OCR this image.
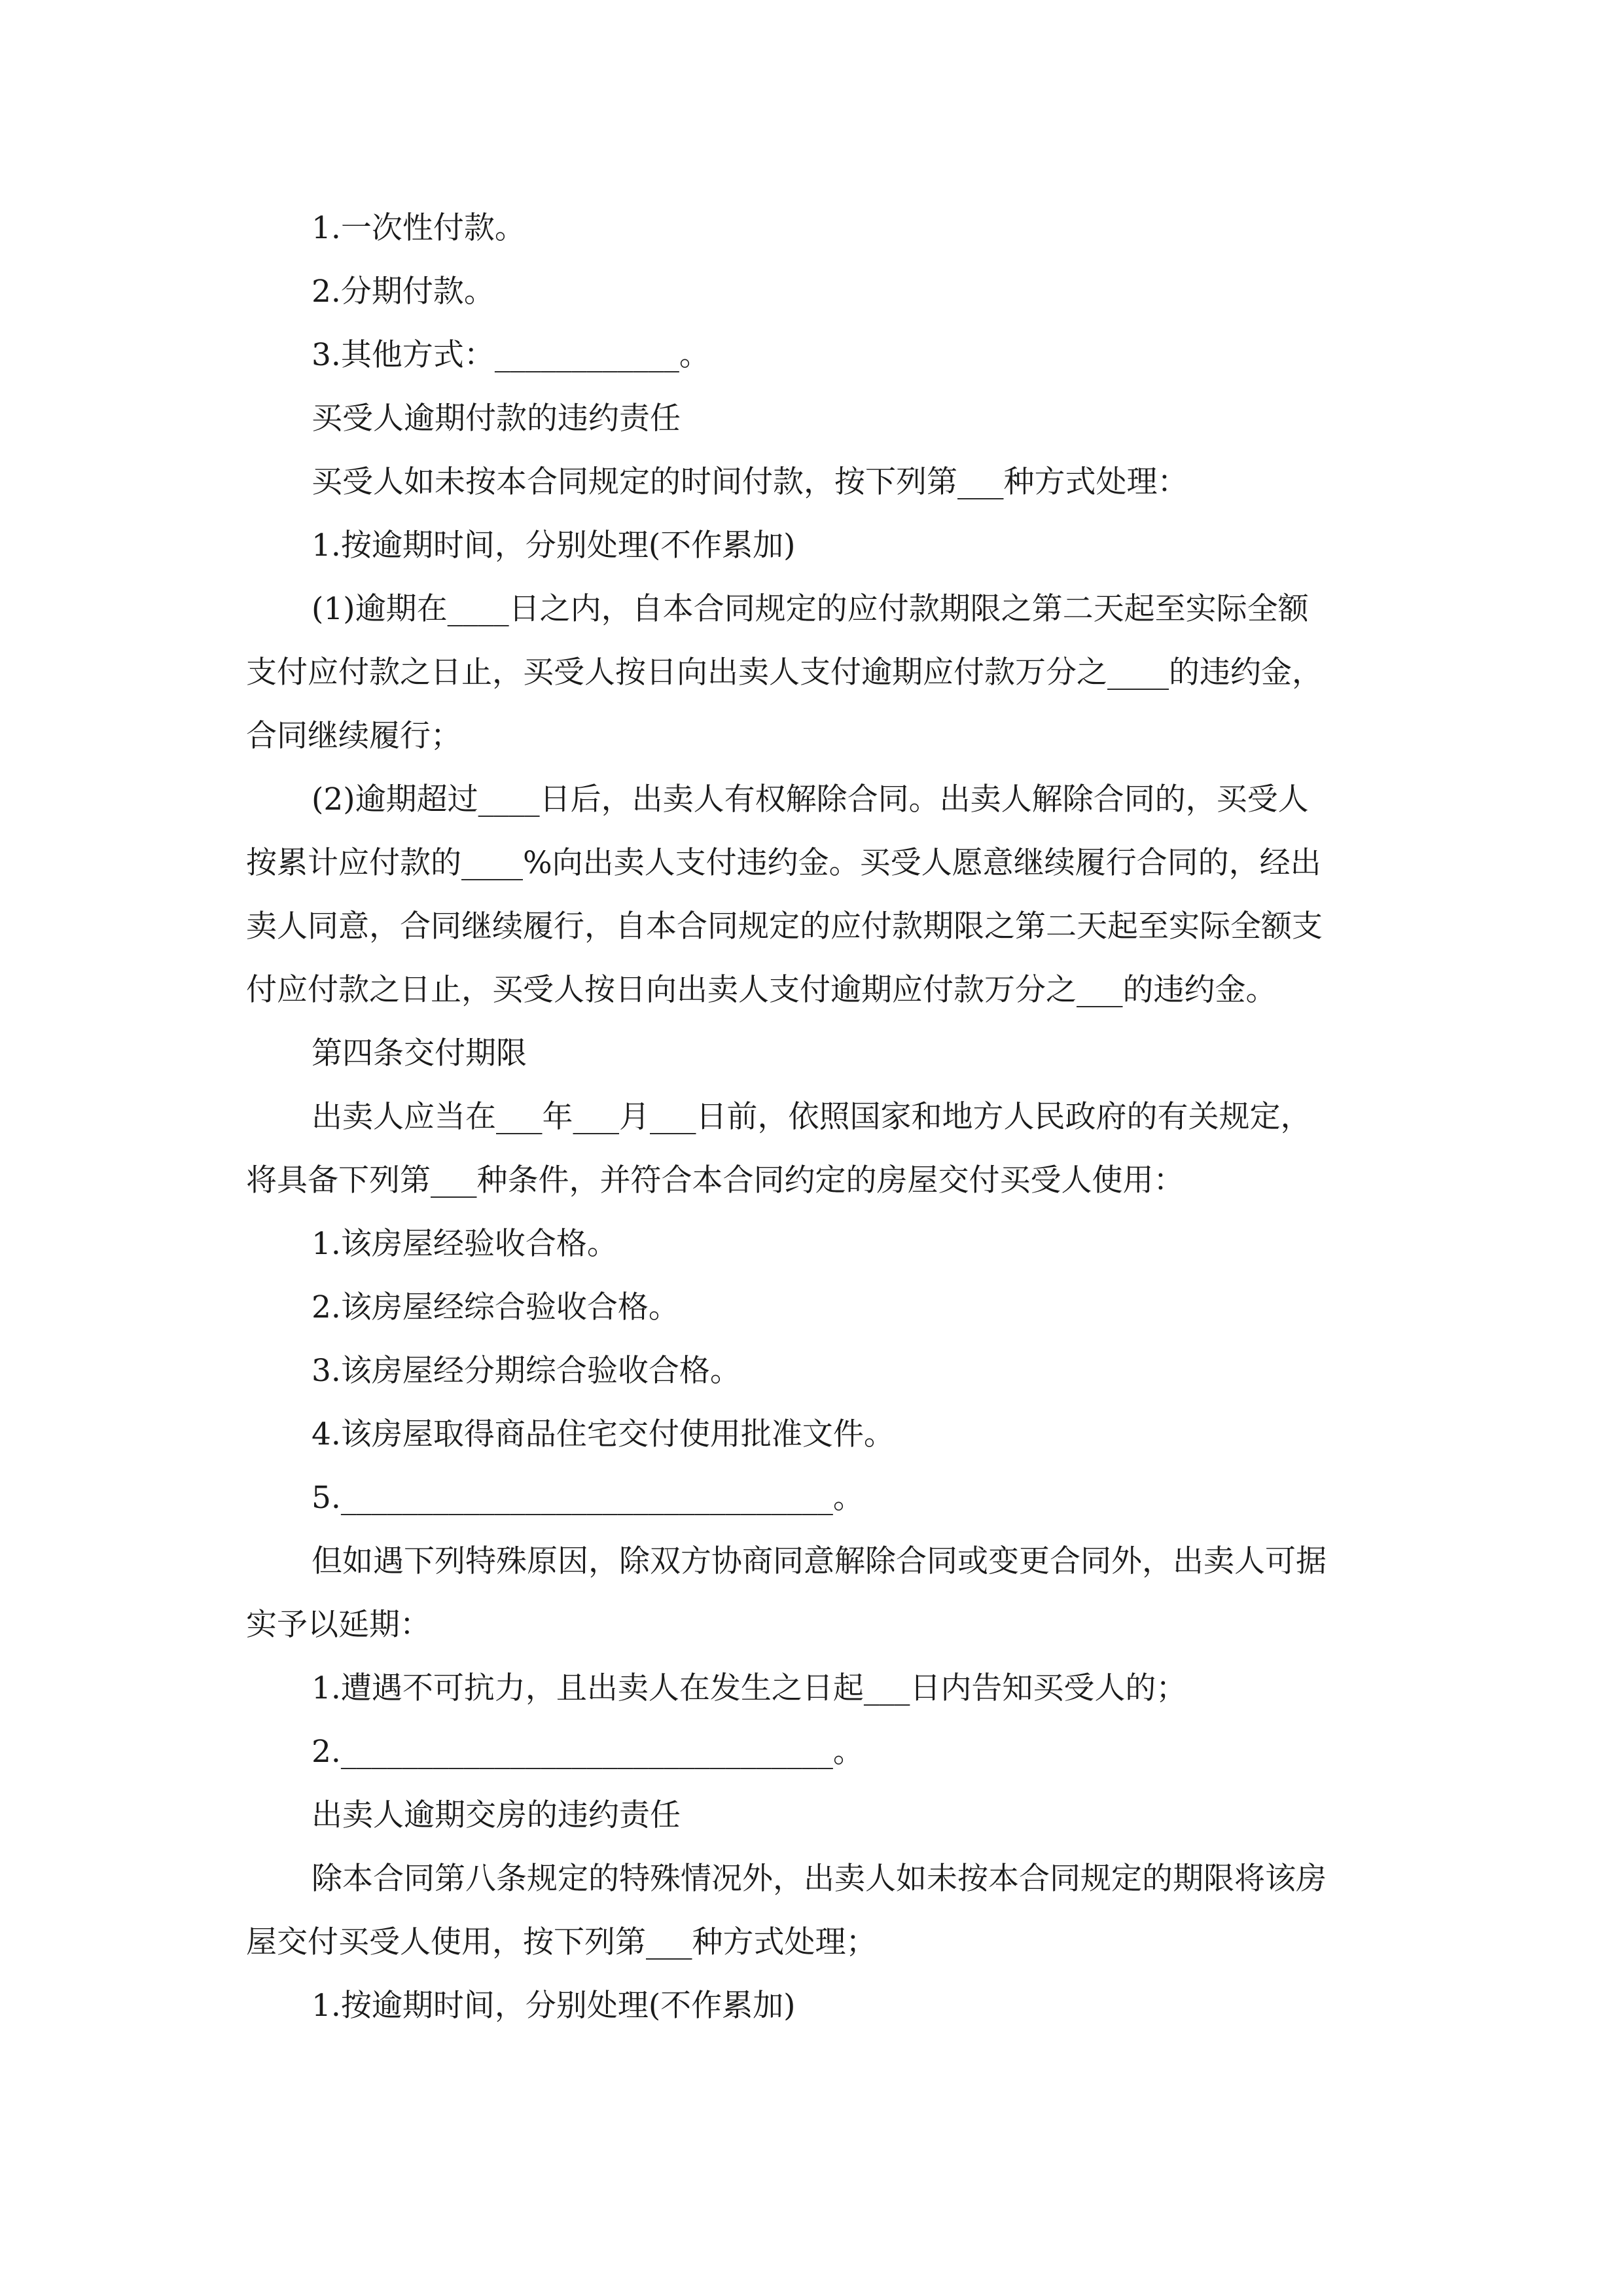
1.一次性付款。
2.分期付款。
3.其他方式：____________。
买受人逾期付款的违约责任
买受人如未按本合同规定的时间付款，按下列第___种方式处理：
1.按逾期时间，分别处理(不作累加)
(1)逾期在____日之内，自本合同规定的应付款期限之第二天起至实际全额
支付应付款之日止，买受人按日向出卖人支付逾期应付款万分之____的违约金，
合同继续履行；
(2)逾期超过____日后，出卖人有权解除合同。出卖人解除合同的，买受人
按累计应付款的____%向出卖人支付违约金。买受人愿意继续履行合同的，经出
卖人同意，合同继续履行，自本合同规定的应付款期限之第二天起至实际全额支
付应付款之日止，买受人按日向出卖人支付逾期应付款万分之___的违约金。
第四条交付期限
出卖人应当在___年___月___日前，依照国家和地方人民政府的有关规定，
将具备下列第___种条件，并符合本合同约定的房屋交付买受人使用：
1.该房屋经验收合格。
2.该房屋经综合验收合格。
3.该房屋经分期综合验收合格。
4.该房屋取得商品住宅交付使用批准文件。
5.________________________________。
但如遇下列特殊原因，除双方协商同意解除合同或变更合同外，出卖人可据
实予以延期：
1.遭遇不可抗力，且出卖人在发生之日起___日内告知买受人的；
2.________________________________。
出卖人逾期交房的违约责任
除本合同第八条规定的特殊情况外，出卖人如未按本合同规定的期限将该房
屋交付买受人使用，按下列第___种方式处理；
1.按逾期时间，分别处理(不作累加)
